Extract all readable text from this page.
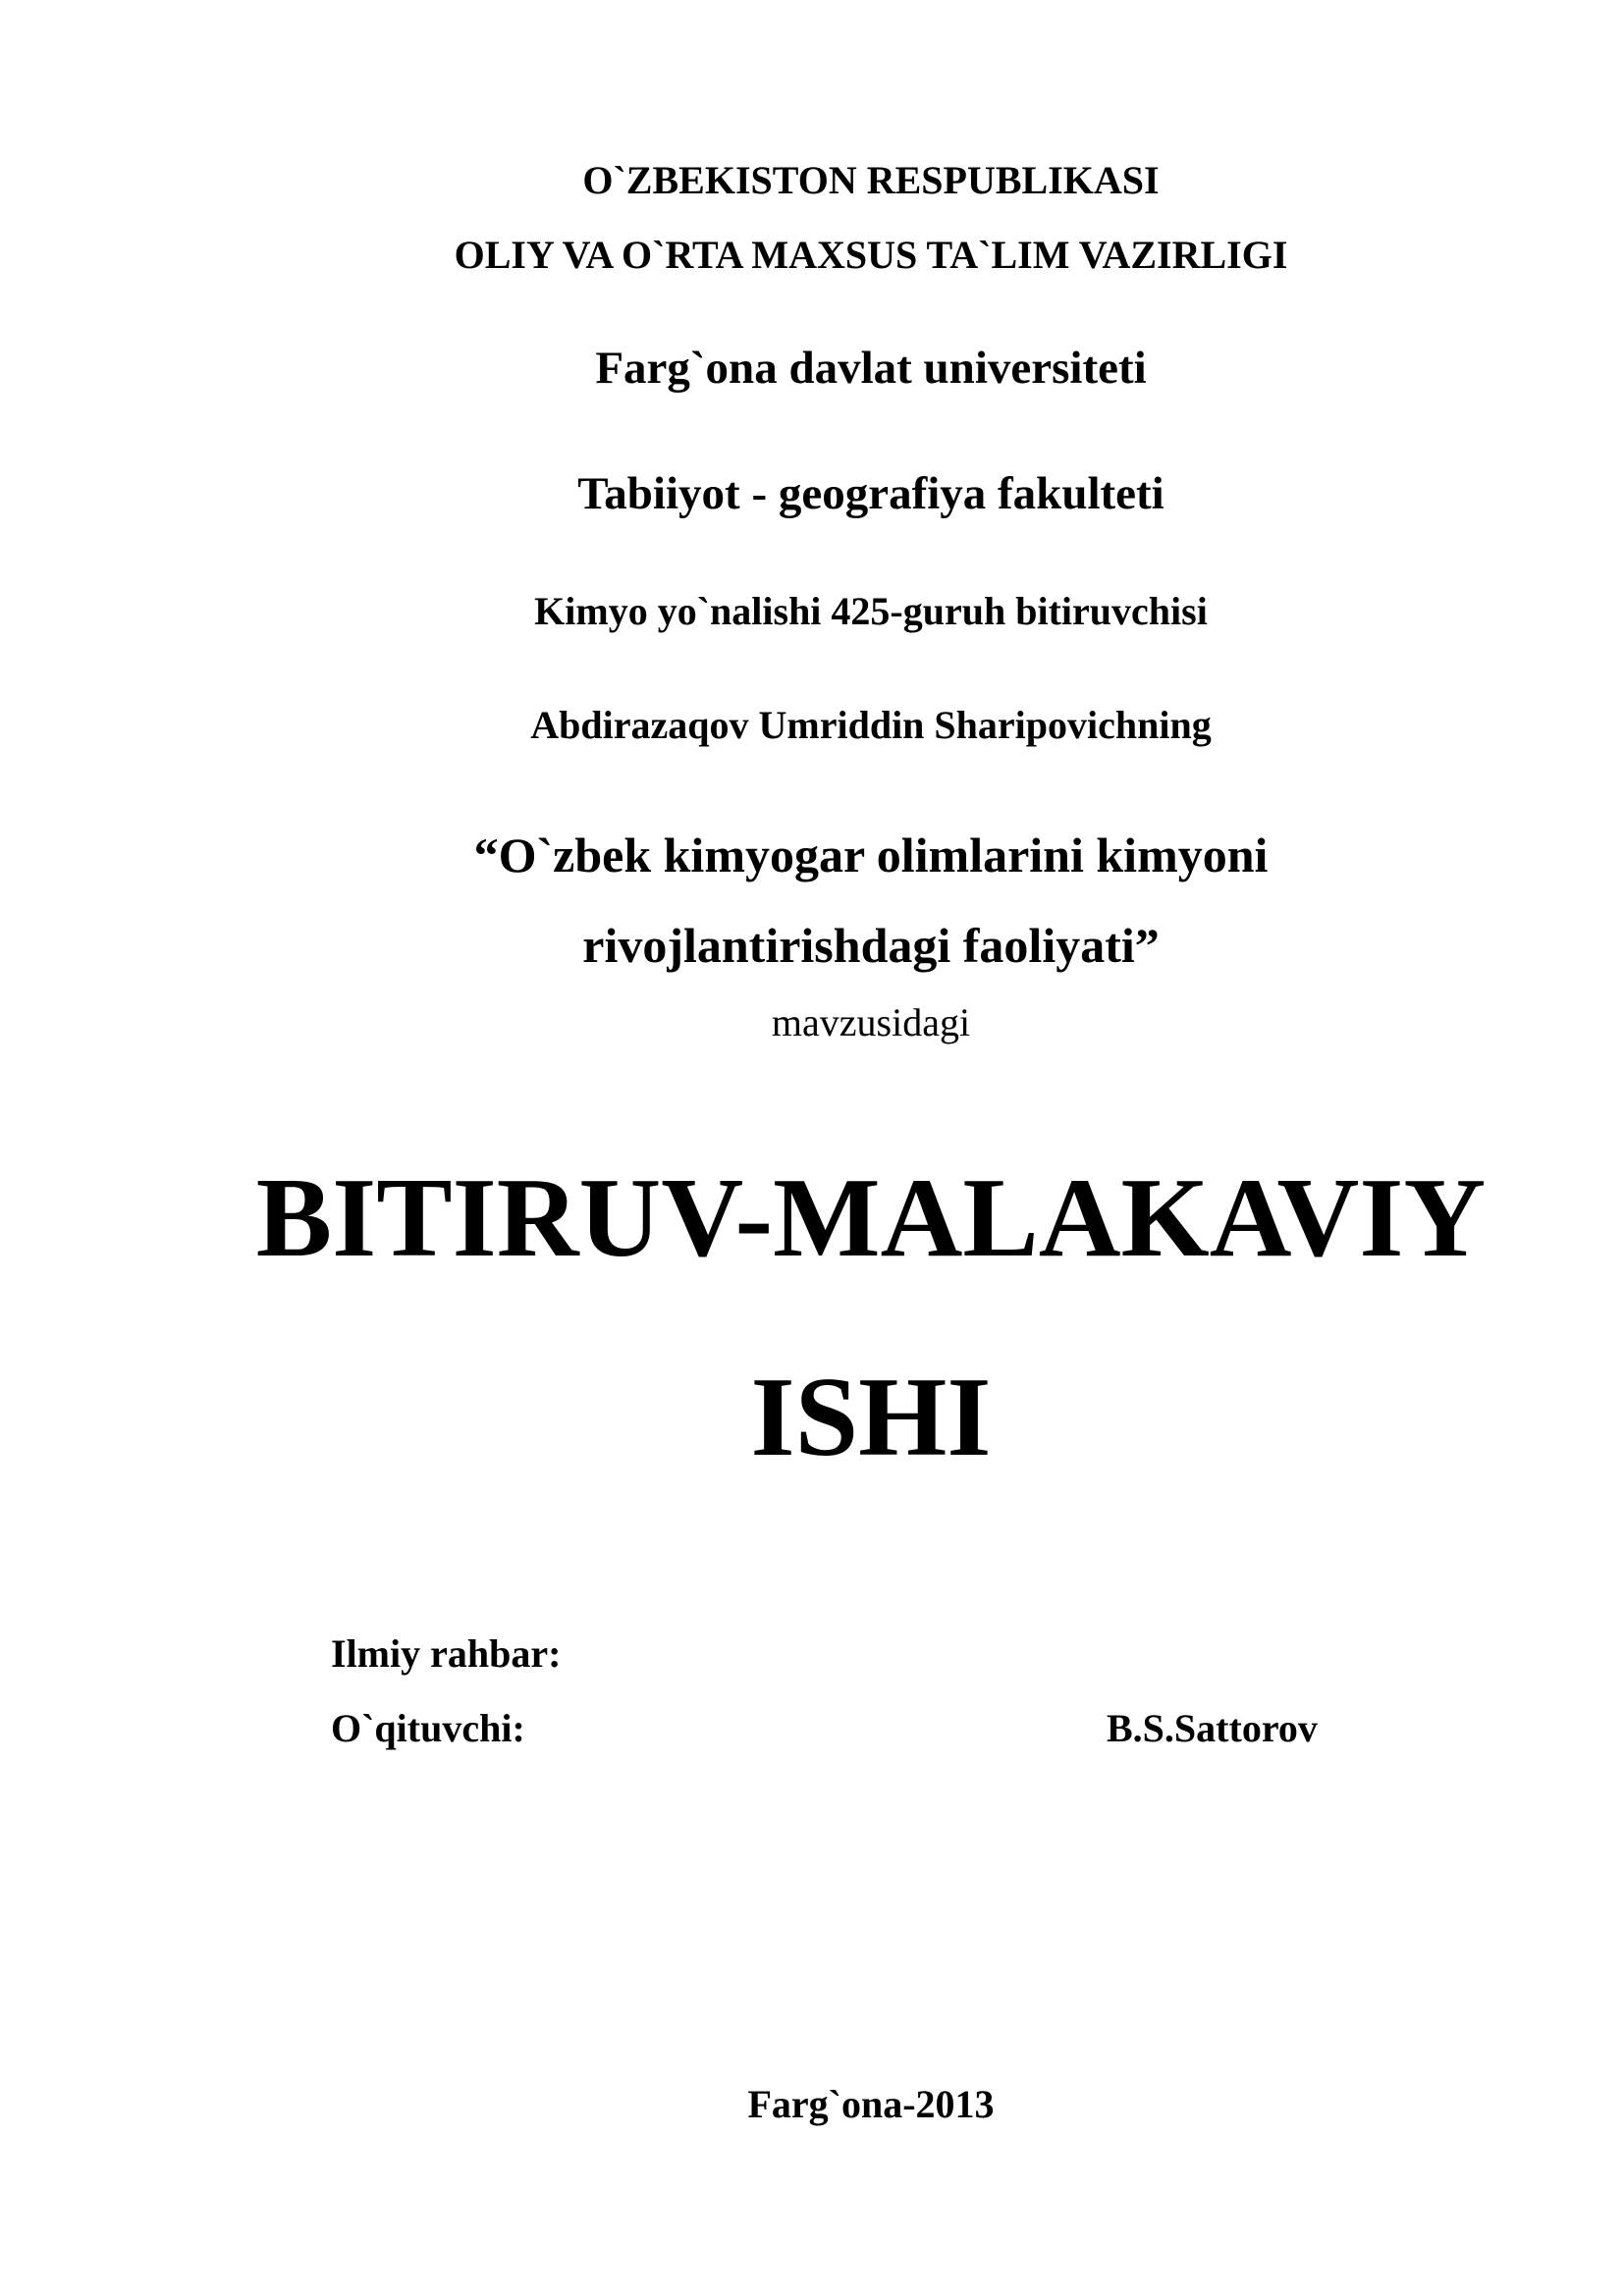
O`ZBEKISTON RESPUBLIKASI
OLIY VA O`RTA MAXSUS TA`LIM VAZIRLIGI
Farg`ona davlat universiteti
Tabiiyot - geografiya fakulteti
Kimyo yo`nalishi 425-guruh bitiruvchisi
Abdirazaqov Umriddin Sharipovichning
“O`zbek kimyogar olimlarini kimyoni
rivojlantirishdagi faoliyati”
mavzusidagi
BITIRUV-MALAKAVIY
ISHI
Ilmiy rahbar:
O`qituvchi:	B.S.Sattorov
Farg`ona-2013
